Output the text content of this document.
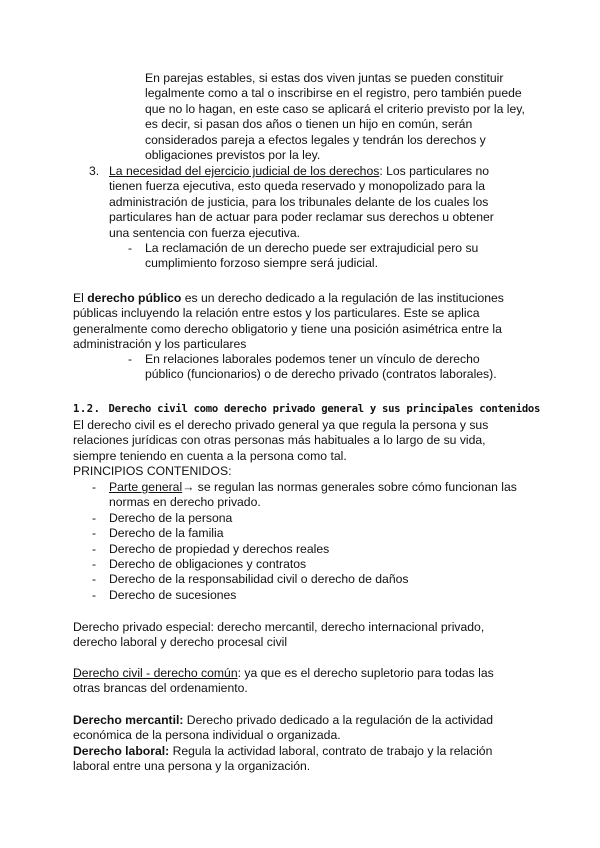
En parejas estables, si estas dos viven juntas se pueden constituir legalmente como a tal o inscribirse en el registro, pero también puede que no lo hagan, en este caso se aplicará el criterio previsto por la ley, es decir, si pasan dos años o tienen un hijo en común, serán considerados pareja a efectos legales y tendrán los derechos y obligaciones previstos por la ley.
3. La necesidad del ejercicio judicial de los derechos: Los particulares no tienen fuerza ejecutiva, esto queda reservado y monopolizado para la administración de justicia, para los tribunales delante de los cuales los particulares han de actuar para poder reclamar sus derechos u obtener una sentencia con fuerza ejecutiva.
- La reclamación de un derecho puede ser extrajudicial pero su cumplimiento forzoso siempre será judicial.
El derecho público es un derecho dedicado a la regulación de las instituciones públicas incluyendo la relación entre estos y los particulares. Este se aplica generalmente como derecho obligatorio y tiene una posición asimétrica entre la administración y los particulares
- En relaciones laborales podemos tener un vínculo de derecho público (funcionarios) o de derecho privado (contratos laborales).
1.2. Derecho civil como derecho privado general y sus principales contenidos
El derecho civil es el derecho privado general ya que regula la persona y sus relaciones jurídicas con otras personas más habituales a lo largo de su vida, siempre teniendo en cuenta a la persona como tal.
PRINCIPIOS CONTENIDOS:
- Parte general→ se regulan las normas generales sobre cómo funcionan las normas en derecho privado.
- Derecho de la persona
- Derecho de la familia
- Derecho de propiedad y derechos reales
- Derecho de obligaciones y contratos
- Derecho de la responsabilidad civil o derecho de daños
- Derecho de sucesiones
Derecho privado especial: derecho mercantil, derecho internacional privado, derecho laboral y derecho procesal civil
Derecho civil - derecho común: ya que es el derecho supletorio para todas las otras brancas del ordenamiento.
Derecho mercantil: Derecho privado dedicado a la regulación de la actividad económica de la persona individual o organizada.
Derecho laboral: Regula la actividad laboral, contrato de trabajo y la relación laboral entre una persona y la organización.
